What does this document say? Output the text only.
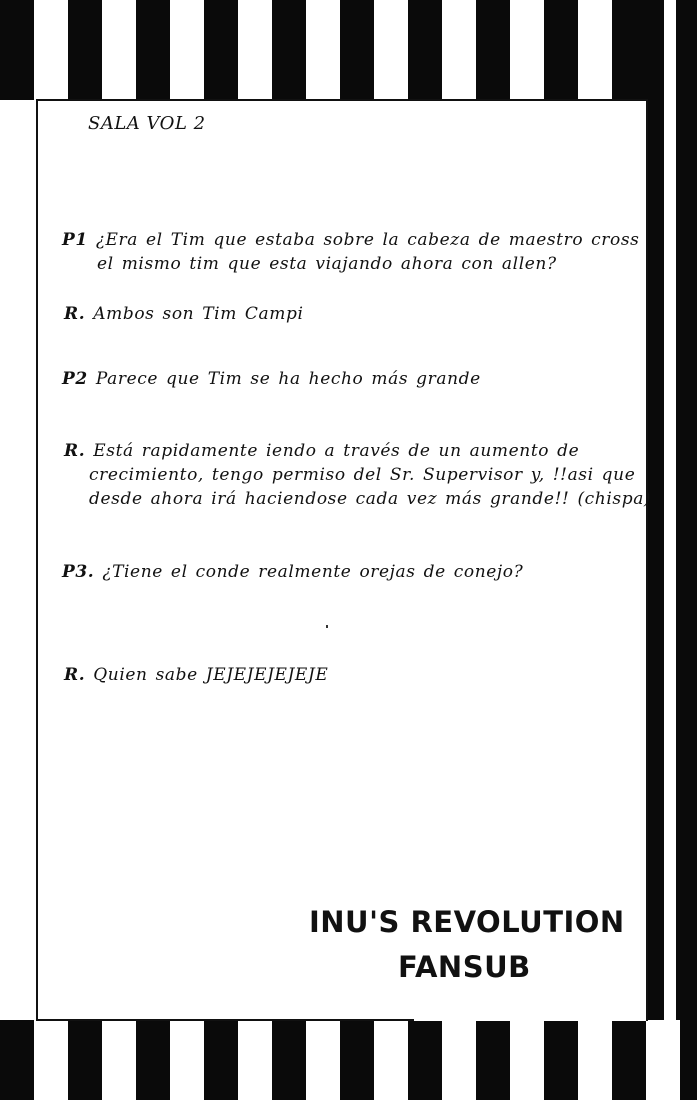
SALA VOL 2
P1 ¿Era el Tim que estaba sobre la cabeza de maestro cross
el mismo tim que esta viajando ahora con allen?
R. Ambos son Tim Campi
P2 Parece que Tim se ha hecho más grande
R. Está rapidamente iendo a través de un aumento de
crecimiento, tengo permiso del Sr. Supervisor y, !!asi que
desde ahora irá haciendose cada vez más grande!! (chispa)
P3. ¿Tiene el conde realmente orejas de conejo?
R. Quien sabe JEJEJEJEJEJE
INU'S REVOLUTION
FANSUB
